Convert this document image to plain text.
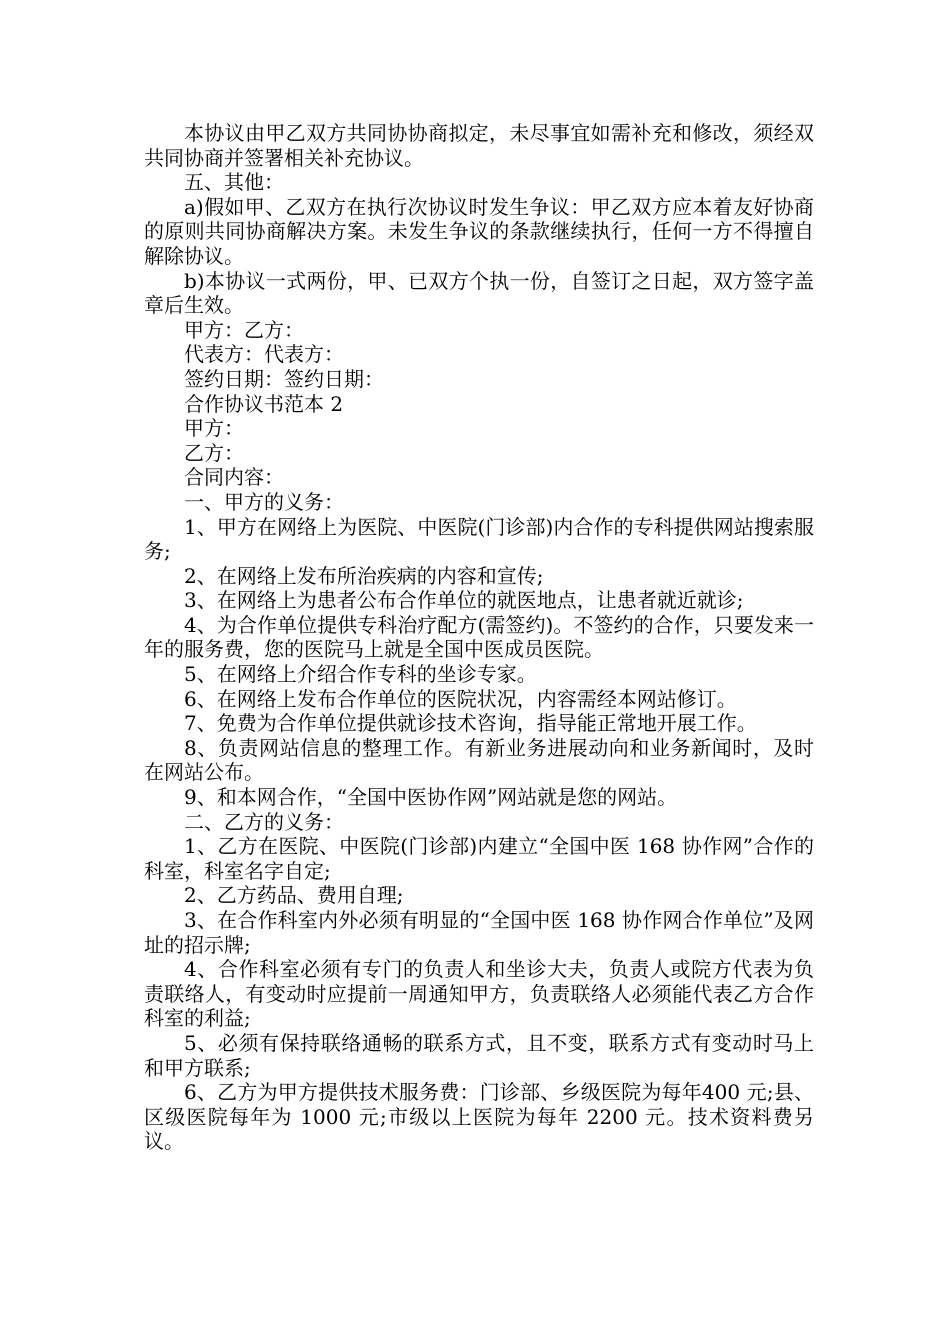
本协议由甲乙双方共同协协商拟定，未尽事宜如需补充和修改，须经双共同协商并签署相关补充协议。

五、其他：

a)假如甲、乙双方在执行次协议时发生争议：甲乙双方应本着友好协商的原则共同协商解决方案。未发生争议的条款继续执行，任何一方不得擅自解除协议。

b)本协议一式两份，甲、已双方个执一份，自签订之日起，双方签字盖章后生效。

甲方：乙方：

代表方：代表方：

签约日期：签约日期：

合作协议书范本 2

甲方：

乙方：

合同内容：

一、甲方的义务：

1、甲方在网络上为医院、中医院(门诊部)内合作的专科提供网站搜索服务;

2、在网络上发布所治疾病的内容和宣传;

3、在网络上为患者公布合作单位的就医地点，让患者就近就诊;

4、为合作单位提供专科治疗配方(需签约)。不签约的合作，只要发来一年的服务费，您的医院马上就是全国中医成员医院。

5、在网络上介绍合作专科的坐诊专家。

6、在网络上发布合作单位的医院状况，内容需经本网站修订。

7、免费为合作单位提供就诊技术咨询，指导能正常地开展工作。

8、负责网站信息的整理工作。有新业务进展动向和业务新闻时，及时在网站公布。

9、和本网合作，“全国中医协作网”网站就是您的网站。

二、乙方的义务：

1、乙方在医院、中医院(门诊部)内建立“全国中医 168 协作网”合作的科室，科室名字自定;

2、乙方药品、费用自理;

3、在合作科室内外必须有明显的“全国中医 168 协作网合作单位”及网址的招示牌;

4、合作科室必须有专门的负责人和坐诊大夫，负责人或院方代表为负责联络人，有变动时应提前一周通知甲方，负责联络人必须能代表乙方合作科室的利益;

5、必须有保持联络通畅的联系方式，且不变，联系方式有变动时马上和甲方联系;

6、乙方为甲方提供技术服务费：门诊部、乡级医院为每年400 元;县、区级医院每年为 1000 元;市级以上医院为每年 2200 元。技术资料费另议。
